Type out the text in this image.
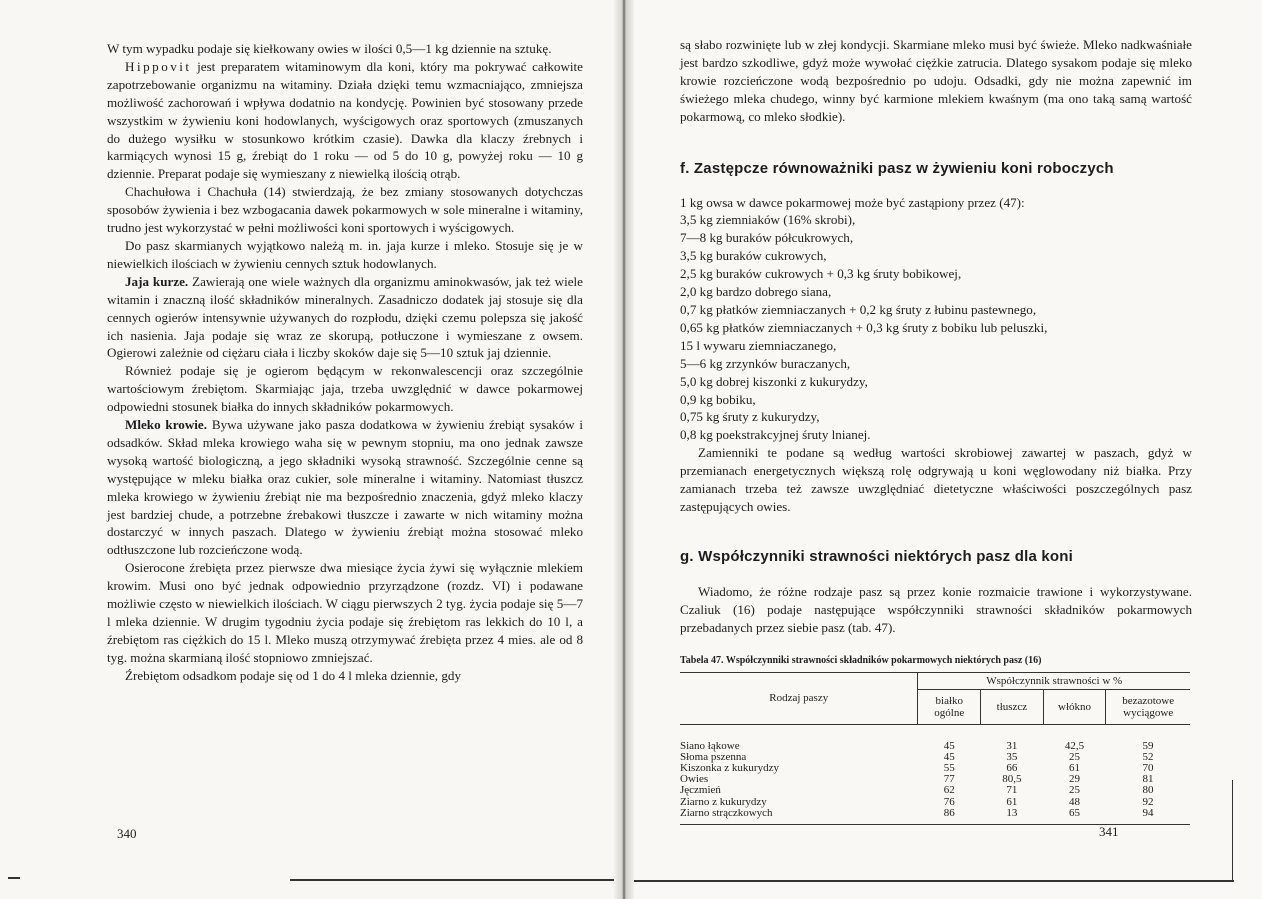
W tym wypadku podaje się kiełkowany owies w ilości 0,5—1 kg dziennie na sztukę.

Hippovit jest preparatem witaminowym dla koni, który ma pokrywać całkowite zapotrzebowanie organizmu na witaminy. Działa dzięki temu wzmacniająco, zmniejsza możliwość zachorowań i wpływa dodatnio na kondycję. Powinien być stosowany przede wszystkim w żywieniu koni hodowlanych, wyścigowych oraz sportowych (zmuszanych do dużego wysiłku w stosunkowo krótkim czasie). Dawka dla klaczy źrebnych i karmiących wynosi 15 g, źrebiąt do 1 roku — od 5 do 10 g, powyżej roku — 10 g dziennie. Preparat podaje się wymieszany z niewielką ilością otrąb.

Chachułowa i Chachuła (14) stwierdzają, że bez zmiany stosowanych dotychczas sposobów żywienia i bez wzbogacania dawek pokarmowych w sole mineralne i witaminy, trudno jest wykorzystać w pełni możliwości koni sportowych i wyścigowych.

Do pasz skarmianych wyjątkowo należą m. in. jaja kurze i mleko. Stosuje się je w niewielkich ilościach w żywieniu cennych sztuk hodowlanych.

Jaja kurze. Zawierają one wiele ważnych dla organizmu aminokwasów, jak też wiele witamin i znaczną ilość składników mineralnych. Zasadniczo dodatek jaj stosuje się dla cennych ogierów intensywnie używanych do rozpłodu, dzięki czemu polepsza się jakość ich nasienia. Jaja podaje się wraz ze skorupą, potłuczone i wymieszane z owsem. Ogierowi zależnie od ciężaru ciała i liczby skoków daje się 5—10 sztuk jaj dziennie.

Również podaje się je ogierom będącym w rekonwalescencji oraz szczególnie wartościowym źrebiętom. Skarmiając jaja, trzeba uwzględnić w dawce pokarmowej odpowiedni stosunek białka do innych składników pokarmowych.

Mleko krowie. Bywa używane jako pasza dodatkowa w żywieniu źrebiąt sysaków i odsadków. Skład mleka krowiego waha się w pewnym stopniu, ma ono jednak zawsze wysoką wartość biologiczną, a jego składniki wysoką strawność. Szczególnie cenne są występujące w mleku białka oraz cukier, sole mineralne i witaminy. Natomiast tłuszcz mleka krowiego w żywieniu źrebiąt nie ma bezpośrednio znaczenia, gdyż mleko klaczy jest bardziej chude, a potrzebne źrebakowi tłuszcze i zawarte w nich witaminy można dostarczyć w innych paszach. Dlatego w żywieniu źrebiąt można stosować mleko odtłuszczone lub rozcieńczone wodą.

Osierocone źrebięta przez pierwsze dwa miesiące życia żywi się wyłącznie mlekiem krowim. Musi ono być jednak odpowiednio przyrządzone (rozdz. VI) i podawane możliwie często w niewielkich ilościach. W ciągu pierwszych 2 tyg. życia podaje się 5—7 l mleka dziennie. W drugim tygodniu życia podaje się źrebiętom ras lekkich do 10 l, a źrebiętom ras ciężkich do 15 l. Mleko muszą otrzymywać źrebięta przez 4 mies. ale od 8 tyg. można skarmianą ilość stopniowo zmniejszać.

Źrebiętom odsadkom podaje się od 1 do 4 l mleka dziennie, gdy

340

są słabo rozwinięte lub w złej kondycji. Skarmiane mleko musi być świeże. Mleko nadkwaśniałe jest bardzo szkodliwe, gdyż może wywołać ciężkie zatrucia. Dlatego sysakom podaje się mleko krowie rozcieńczone wodą bezpośrednio po udoju. Odsadki, gdy nie można zapewnić im świeżego mleka chudego, winny być karmione mlekiem kwaśnym (ma ono taką samą wartość pokarmową, co mleko słodkie).

f. Zastępcze równoważniki pasz w żywieniu koni roboczych

1 kg owsa w dawce pokarmowej może być zastąpiony przez (47):

3,5 kg ziemniaków (16% skrobi),
7—8 kg buraków półcukrowych,
3,5 kg buraków cukrowych,
2,5 kg buraków cukrowych + 0,3 kg śruty bobikowej,
2,0 kg bardzo dobrego siana,
0,7 kg płatków ziemniaczanych + 0,2 kg śruty z łubinu pastewnego,
0,65 kg płatków ziemniaczanych + 0,3 kg śruty z bobiku lub peluszki,
15 l wywaru ziemniaczanego,
5—6 kg zrzynków buraczanych,
5,0 kg dobrej kiszonki z kukurydzy,
0,9 kg bobiku,
0,75 kg śruty z kukurydzy,
0,8 kg poekstrakcyjnej śruty lnianej.

Zamienniki te podane są według wartości skrobiowej zawartej w paszach, gdyż w przemianach energetycznych większą rolę odgrywają u koni węglowodany niż białka. Przy zamianach trzeba też zawsze uwzględniać dietetyczne właściwości poszczególnych pasz zastępujących owies.

g. Współczynniki strawności niektórych pasz dla koni

Wiadomo, że różne rodzaje pasz są przez konie rozmaicie trawione i wykorzystywane. Czaliuk (16) podaje następujące współczynniki strawności składników pokarmowych przebadanych przez siebie pasz (tab. 47).

Tabela 47. Współczynniki strawności składników pokarmowych niektórych pasz (16)
Rodzaj paszy	Współczynnik strawności w %			
	białko ogólne	tłuszcz	włókno	bezazotowe wyciągowe
Siano łąkowe	45	31	42,5	59
Słoma pszenna	45	35	25	52
Kiszonka z kukurydzy	55	66	61	70
Owies	77	80,5	29	81
Jęczmień	62	71	25	80
Ziarno z kukurydzy	76	61	48	92
Ziarno strączkowych	86	13	65	94
341
